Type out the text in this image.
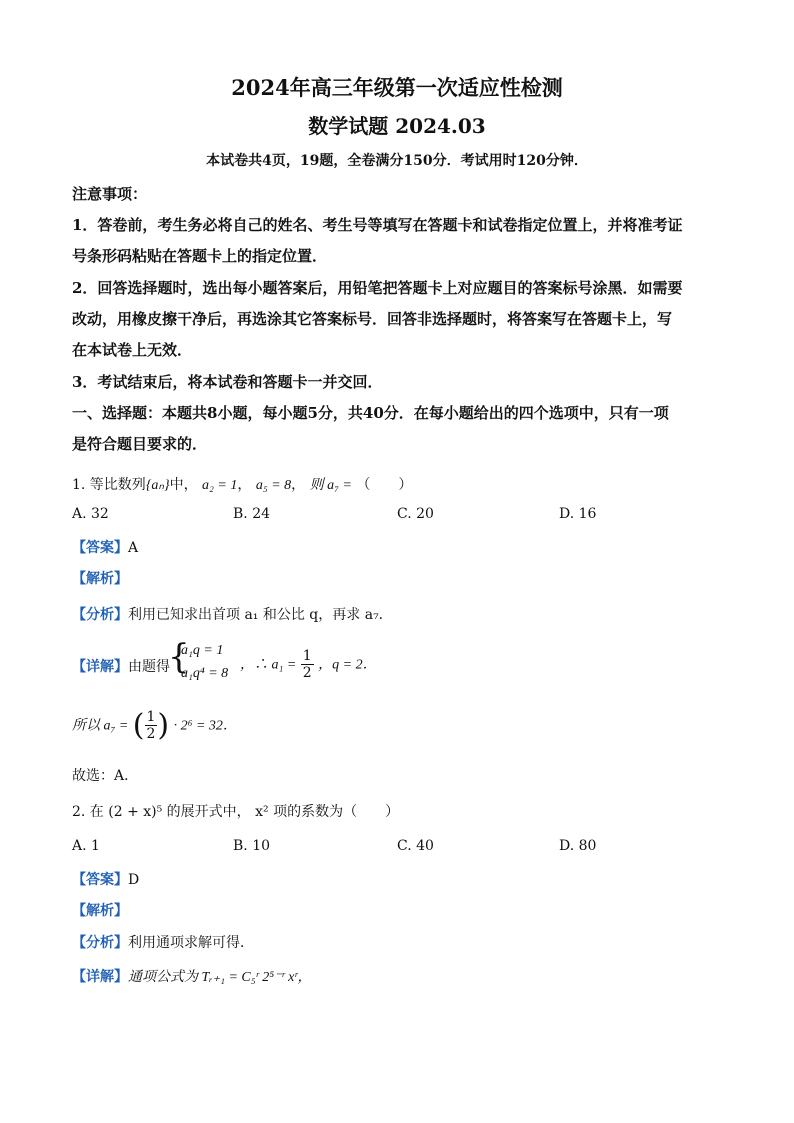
2024年高三年级第一次适应性检测
数学试题 2024.03
本试卷共4页，19题，全卷满分150分．考试用时120分钟．
注意事项：
1．答卷前，考生务必将自己的姓名、考生号等填写在答题卡和试卷指定位置上，并将准考证
号条形码粘贴在答题卡上的指定位置．
2．回答选择题时，选出每小题答案后，用铅笔把答题卡上对应题目的答案标号涂黑．如需要
改动，用橡皮擦干净后，再选涂其它答案标号．回答非选择题时，将答案写在答题卡上，写
在本试卷上无效．
3．考试结束后，将本试卷和答题卡一并交回．
一、选择题：本题共8小题，每小题5分，共40分．在每小题给出的四个选项中，只有一项
是符合题目要求的．
1. 等比数列{aₙ}中， a₂ = 1， a₅ = 8， 则 a₇ = （　　）
A. 32	B. 24	C. 20	D. 16
【答案】A
【解析】
【分析】利用已知求出首项 a₁ 和公比 q，再求 a₇．
【详解】由题得
{
a₁q = 1
a₁q⁴ = 8
，∴ $a_1 = \frac{1}{2}$ ，q = 2．
所以 a₇ = ( $\frac{1}{2}$ ) · 2⁶ = 32．
故选：A．
2. 在 (2 + x)⁵ 的展开式中， x² 项的系数为（　　）
A. 1	B. 10	C. 40	D. 80
【答案】D
【解析】
【分析】利用通项求解可得．
【详解】通项公式为 Tᵣ₊₁ = C₅ʳ 2⁵⁻ʳ xʳ，
